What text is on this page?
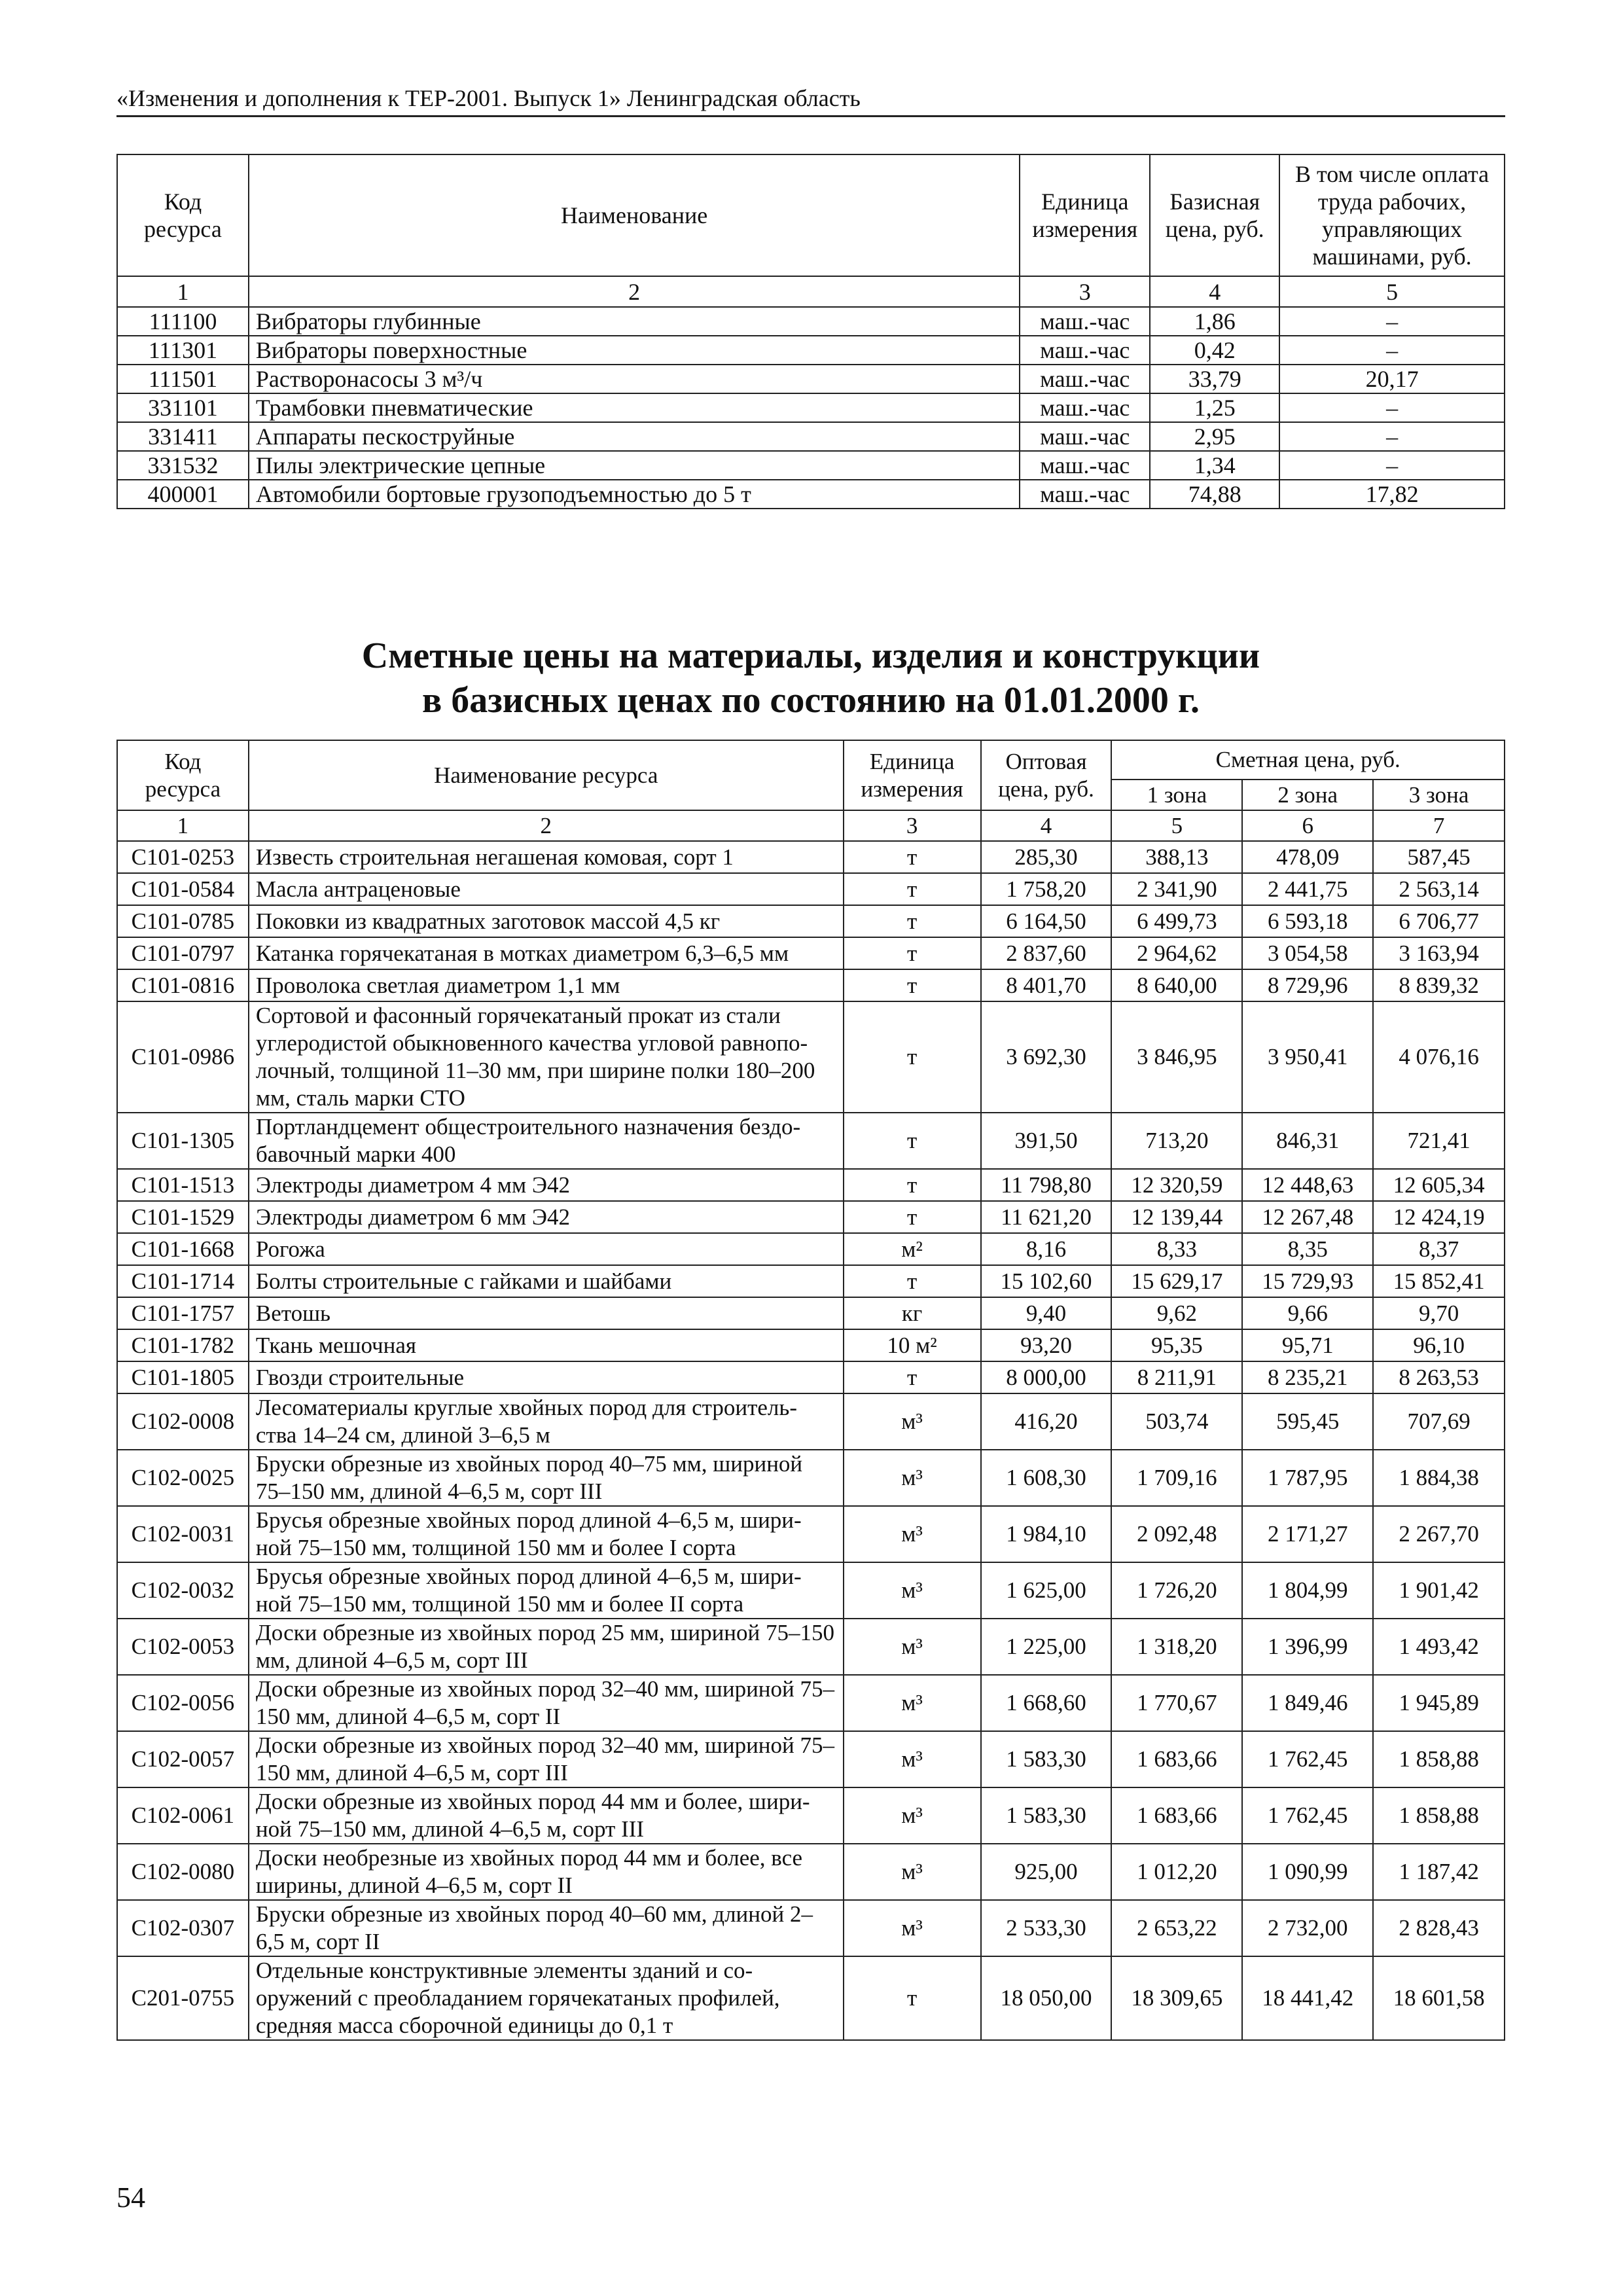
«Изменения и дополнения к ТЕР-2001. Выпуск 1» Ленинградская область
Код ресурса	Наименование	Единица измерения	Базисная цена, руб.	В том числе оплата труда рабочих, управляющих машинами, руб.
1	2	3	4	5
111100	Вибраторы глубинные	маш.-час	1,86	–
111301	Вибраторы поверхностные	маш.-час	0,42	–
111501	Растворонасосы 3 м³/ч	маш.-час	33,79	20,17
331101	Трамбовки пневматические	маш.-час	1,25	–
331411	Аппараты пескоструйные	маш.-час	2,95	–
331532	Пилы электрические цепные	маш.-час	1,34	–
400001	Автомобили бортовые грузоподъемностью до 5 т	маш.-час	74,88	17,82
Сметные цены на материалы, изделия и конструкции
в базисных ценах по состоянию на 01.01.2000 г.
Код ресурса	Наименование ресурса	Единица измерения	Оптовая цена, руб.	Сметная цена, руб.		
				1 зона	2 зона	3 зона
1	2	3	4	5	6	7
С101-0253	Известь строительная негашеная комовая, сорт 1	т	285,30	388,13	478,09	587,45
С101-0584	Масла антраценовые	т	1 758,20	2 341,90	2 441,75	2 563,14
С101-0785	Поковки из квадратных заготовок массой 4,5 кг	т	6 164,50	6 499,73	6 593,18	6 706,77
С101-0797	Катанка горячекатаная в мотках диаметром 6,3–6,5 мм	т	2 837,60	2 964,62	3 054,58	3 163,94
С101-0816	Проволока светлая диаметром 1,1 мм	т	8 401,70	8 640,00	8 729,96	8 839,32
С101-0986	Сортовой и фасонный горячекатаный прокат из стали углеродистой обыкновенного качества угловой равнопо-лочный, толщиной 11–30 мм, при ширине полки 180–200 мм, сталь марки СТО	т	3 692,30	3 846,95	3 950,41	4 076,16
С101-1305	Портландцемент общестроительного назначения бездо-бавочный марки 400	т	391,50	713,20	846,31	721,41
С101-1513	Электроды диаметром 4 мм Э42	т	11 798,80	12 320,59	12 448,63	12 605,34
С101-1529	Электроды диаметром 6 мм Э42	т	11 621,20	12 139,44	12 267,48	12 424,19
С101-1668	Рогожа	м²	8,16	8,33	8,35	8,37
С101-1714	Болты строительные с гайками и шайбами	т	15 102,60	15 629,17	15 729,93	15 852,41
С101-1757	Ветошь	кг	9,40	9,62	9,66	9,70
С101-1782	Ткань мешочная	10 м²	93,20	95,35	95,71	96,10
С101-1805	Гвозди строительные	т	8 000,00	8 211,91	8 235,21	8 263,53
С102-0008	Лесоматериалы круглые хвойных пород для строитель-ства 14–24 см, длиной 3–6,5 м	м³	416,20	503,74	595,45	707,69
С102-0025	Бруски обрезные из хвойных пород 40–75 мм, шириной 75–150 мм, длиной 4–6,5 м, сорт III	м³	1 608,30	1 709,16	1 787,95	1 884,38
С102-0031	Брусья обрезные хвойных пород длиной 4–6,5 м, шири-ной 75–150 мм, толщиной 150 мм и более I сорта	м³	1 984,10	2 092,48	2 171,27	2 267,70
С102-0032	Брусья обрезные хвойных пород длиной 4–6,5 м, шири-ной 75–150 мм, толщиной 150 мм и более II сорта	м³	1 625,00	1 726,20	1 804,99	1 901,42
С102-0053	Доски обрезные из хвойных пород 25 мм, шириной 75–150 мм, длиной 4–6,5 м, сорт III	м³	1 225,00	1 318,20	1 396,99	1 493,42
С102-0056	Доски обрезные из хвойных пород 32–40 мм, шириной 75–150 мм, длиной 4–6,5 м, сорт II	м³	1 668,60	1 770,67	1 849,46	1 945,89
С102-0057	Доски обрезные из хвойных пород 32–40 мм, шириной 75–150 мм, длиной 4–6,5 м, сорт III	м³	1 583,30	1 683,66	1 762,45	1 858,88
С102-0061	Доски обрезные из хвойных пород 44 мм и более, шири-ной 75–150 мм, длиной 4–6,5 м, сорт III	м³	1 583,30	1 683,66	1 762,45	1 858,88
С102-0080	Доски необрезные из хвойных пород 44 мм и более, все ширины, длиной 4–6,5 м, сорт II	м³	925,00	1 012,20	1 090,99	1 187,42
С102-0307	Бруски обрезные из хвойных пород 40–60 мм, длиной 2–6,5 м, сорт II	м³	2 533,30	2 653,22	2 732,00	2 828,43
С201-0755	Отдельные конструктивные элементы зданий и со-оружений с преобладанием горячекатаных профилей, средняя масса сборочной единицы до 0,1 т	т	18 050,00	18 309,65	18 441,42	18 601,58
54
